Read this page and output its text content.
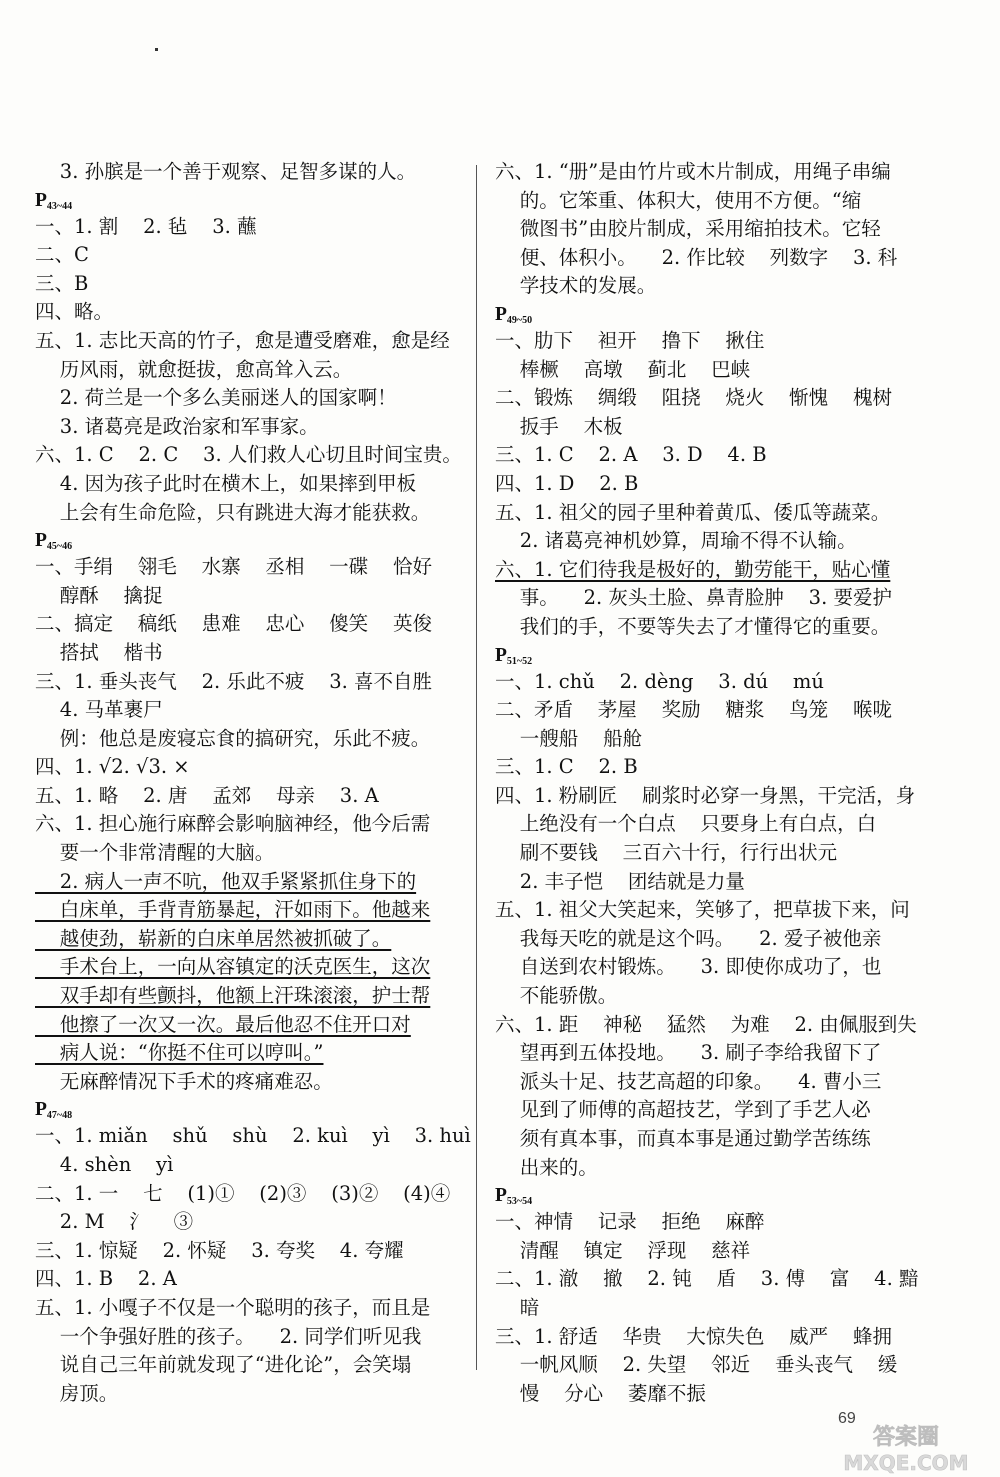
3. 孙膑是一个善于观察、足智多谋的人。
$P_{43\sim 44}$
一、1. 割    2. 毡    3. 蘸
二、C
三、B
四、略。
五、1. 志比天高的竹子，愈是遭受磨难，愈是经
历风雨，就愈挺拔，愈高耸入云。
2. 荷兰是一个多么美丽迷人的国家啊！
3. 诸葛亮是政治家和军事家。
六、1. C    2. C    3. 人们救人心切且时间宝贵。
4. 因为孩子此时在横木上，如果摔到甲板
上会有生命危险，只有跳进大海才能获救。
$P_{45\sim 46}$
一、手绢    翎毛    水寨    丞相    一碟    恰好
醇酥    擒捉
二、搞定    稿纸    患难    忠心    傻笑    英俊
搭拭    楷书
三、1. 垂头丧气    2. 乐此不疲    3. 喜不自胜
4. 马革裹尸
例：他总是废寝忘食的搞研究，乐此不疲。
四、1. √2. √3. ×
五、1. 略    2. 唐    孟郊    母亲    3. A
六、1. 担心施行麻醉会影响脑神经，他今后需
要一个非常清醒的大脑。
2. 病人一声不吭，他双手紧紧抓住身下的
白床单，手背青筋暴起，汗如雨下。他越来
越使劲，崭新的白床单居然被抓破了。
手术台上，一向从容镇定的沃克医生，这次
双手却有些颤抖，他额上汗珠滚滚，护士帮
他擦了一次又一次。最后他忍不住开口对
病人说：“你挺不住可以哼叫。”
无麻醉情况下手术的疼痛难忍。
$P_{47\sim 48}$
一、1. miǎn    shǔ    shù    2. kuì    yì    3. huì
4. shèn    yì
二、1. 一    七    (1)①    (2)③    (3)②    (4)④
2. M    氵    ③
三、1. 惊疑    2. 怀疑    3. 夸奖    4. 夸耀
四、1. B    2. A
五、1. 小嘎子不仅是一个聪明的孩子，而且是
一个争强好胜的孩子。    2. 同学们听见我
说自己三年前就发现了“进化论”，会笑塌
房顶。
六、1. “册”是由竹片或木片制成，用绳子串编
的。它笨重、体积大，使用不方便。“缩
微图书”由胶片制成，采用缩拍技术。它轻
便、体积小。    2. 作比较    列数字    3. 科
学技术的发展。
$P_{49\sim 50}$
一、肋下    袒开    撸下    揪住
棒橛    高墩    蓟北    巴峡
二、锻炼    绸缎    阻挠    烧火    惭愧    槐树
扳手    木板
三、1. C    2. A    3. D    4. B
四、1. D    2. B
五、1. 祖父的园子里种着黄瓜、倭瓜等蔬菜。
2. 诸葛亮神机妙算，周瑜不得不认输。
六、1. 它们待我是极好的，勤劳能干，贴心懂
事。    2. 灰头土脸、鼻青脸肿    3. 要爱护
我们的手，不要等失去了才懂得它的重要。
$P_{51\sim 52}$
一、1. chǔ    2. dèng    3. dú    mú
二、矛盾    茅屋    奖励    糖浆    鸟笼    喉咙
一艘船    船舱
三、1. C    2. B
四、1. 粉刷匠    刷浆时必穿一身黑，干完活，身
上绝没有一个白点    只要身上有白点，白
刷不要钱    三百六十行，行行出状元
2. 丰子恺    团结就是力量
五、1. 祖父大笑起来，笑够了，把草拔下来，问
我每天吃的就是这个吗。    2. 爱子被他亲
自送到农村锻炼。    3. 即使你成功了，也
不能骄傲。
六、1. 距    神秘    猛然    为难    2. 由佩服到失
望再到五体投地。    3. 刷子李给我留下了
派头十足、技艺高超的印象。    4. 曹小三
见到了师傅的高超技艺，学到了手艺人必
须有真本事，而真本事是通过勤学苦练练
出来的。
$P_{53\sim 54}$
一、神情    记录    拒绝    麻醉
清醒    镇定    浮现    慈祥
二、1. 澈    撤    2. 钝    盾    3. 傅    富    4. 黯
暗
三、1. 舒适    华贵    大惊失色    威严    蜂拥
一帆风顺    2. 失望    邻近    垂头丧气    缓
慢    分心    萎靡不振
69
答案圈
MXQE.COM
